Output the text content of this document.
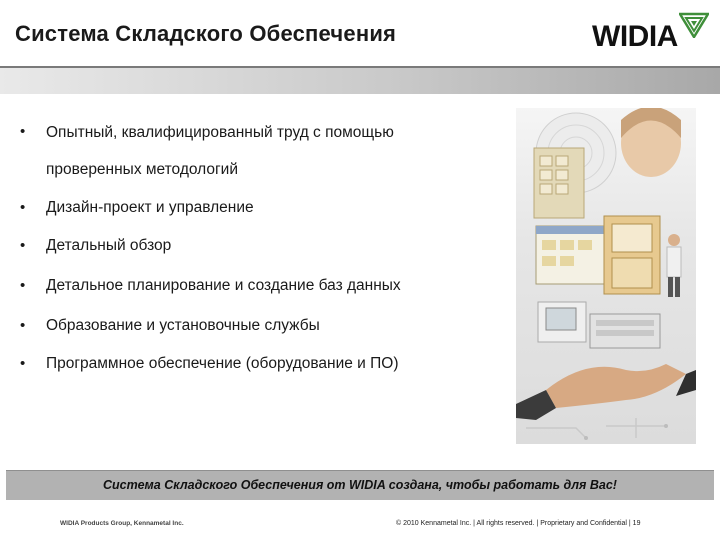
Система Складского Обеспечения	WIDIA
• Опытный, квалифицированный труд с помощью проверенных методологий
• Дизайн-проект и управление
• Детальный обзор
• Детальное планирование и создание баз данных
• Образование и установочные службы
• Программное обеспечение (оборудование и ПО)
Система Складского Обеспечения от WIDIA создана, чтобы работать для Вас!
WIDIA Products Group, Kennametal Inc.	© 2010 Kennametal Inc. | All rights reserved. | Proprietary and Confidential | 19
